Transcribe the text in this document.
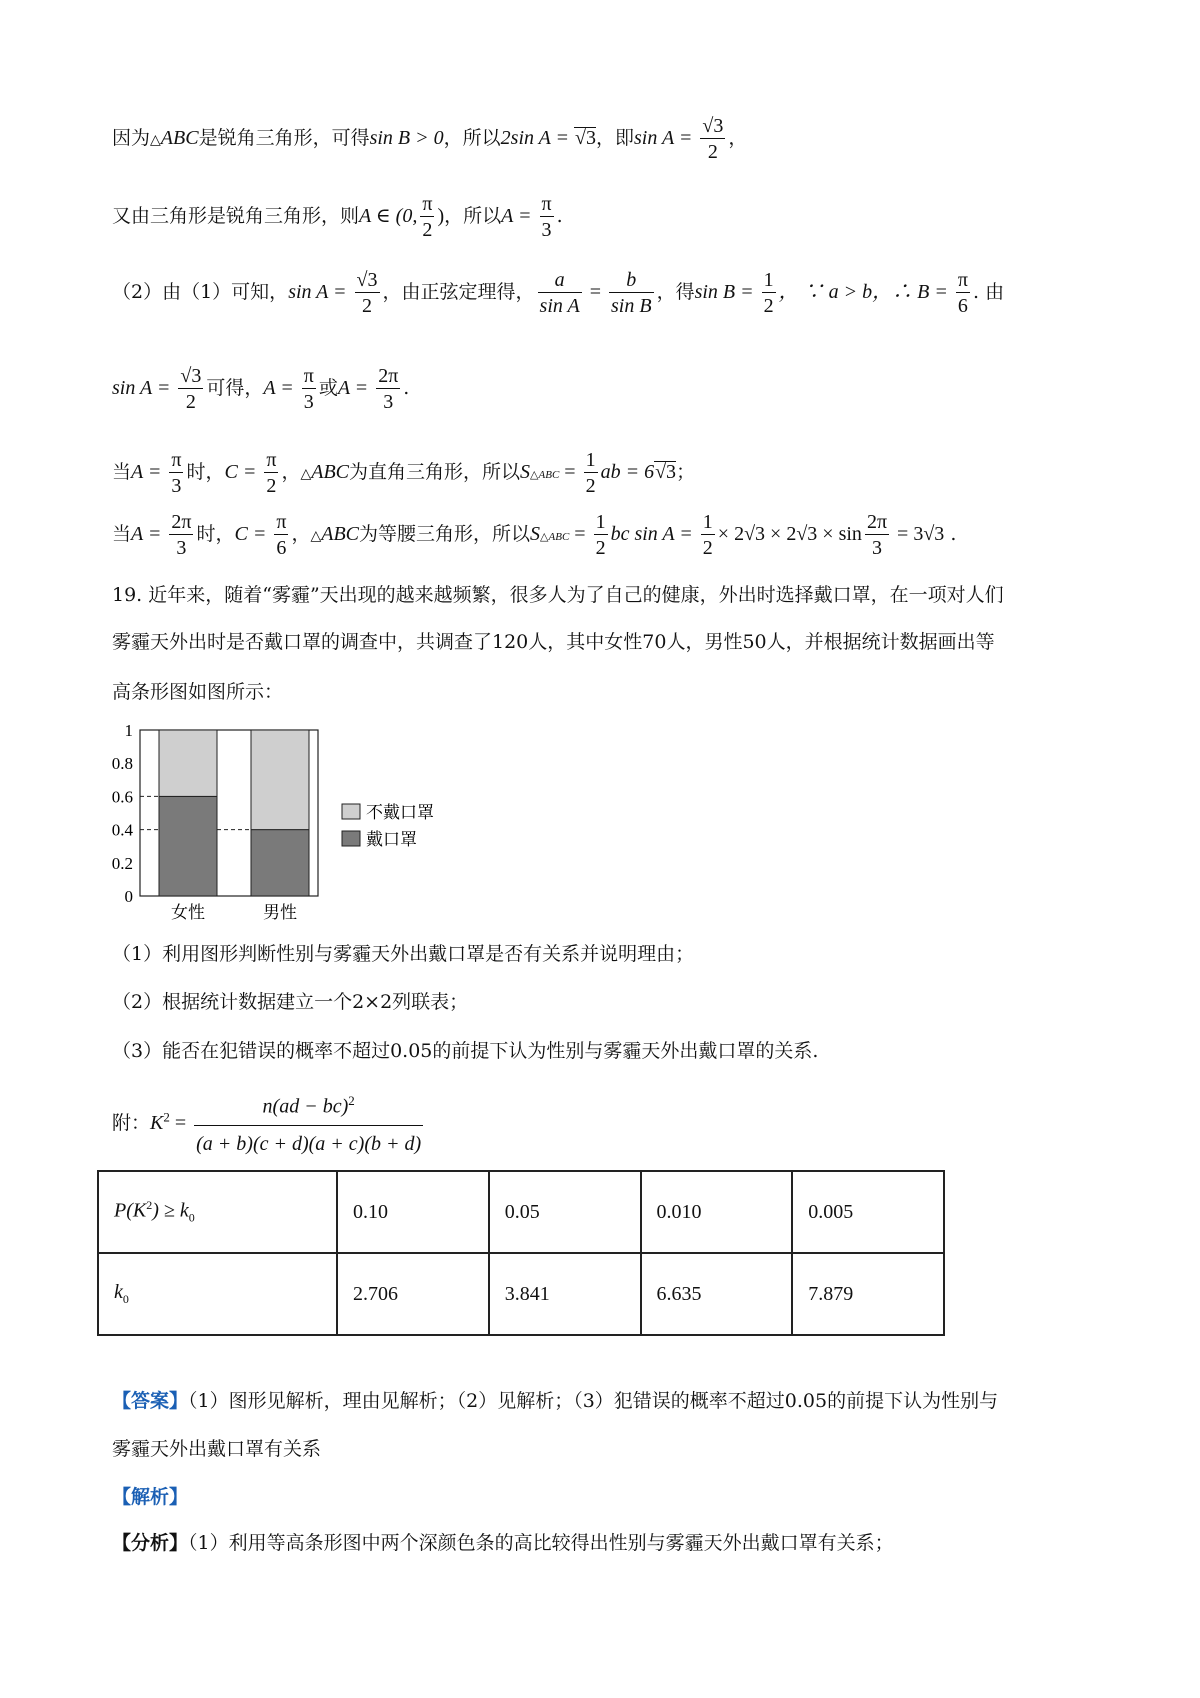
因为△ABC是锐角三角形，可得sin B > 0，所以2sin A = √3，即$\sin A = \frac{√3}{2}$ ，
又由三角形是锐角三角形，则A ∈ (0, $\frac{\pi}{2}$ )，所以$A = \frac{\pi}{3}$ .
（2）由（1）可知，$\sin A = \frac{√3}{2}$ ，由正弦定理得， $\frac{a}{\text{sin A}} = \frac{b}{\text{sin B}}$ ，得$\sin B = \frac{1}{2}$ ， ∵ a > b，∴ $B = \frac{\pi}{6}$ . 由
$\sin A = \frac{√3}{2}$ 可得，$A = \frac{\pi}{3}$ 或$A = \frac{2\pi}{3}$ .
当$A = \frac{\pi}{3}$ 时，$C = \frac{\pi}{2}$ ，△ABC为直角三角形，所以S△ABC = $\frac{1}{2}$ ab = 6√3；
当$A = \frac{2\pi}{3}$ 时，$C = \frac{\pi}{6}$ ，△ABC为等腰三角形，所以S△ABC = $\frac{1}{2}$ bc $\sin A = \frac{1}{2} \times 2√3 \times 2√3 \times \sin \frac{2\pi}{3} = 3√3$ .
19. 近年来，随着“雾霾”天出现的越来越频繁，很多人为了自己的健康，外出时选择戴口罩，在一项对人们
雾霾天外出时是否戴口罩的调查中，共调查了120人，其中女性70人，男性50人，并根据统计数据画出等
高条形图如图所示：
0
0.2
0.4
0.6
0.8
1
女性	男性
不戴口罩
戴口罩
（1）利用图形判断性别与雾霾天外出戴口罩是否有关系并说明理由；
（2）根据统计数据建立一个2×2列联表；
（3）能否在犯错误的概率不超过0.05的前提下认为性别与雾霾天外出戴口罩的关系.
附：$K^2 = \frac{n(ad - bc)^2}{(a + b)(c + d)(a + c)(b + d)}$
$P(K^2) \ge k_0$	0.10	0.05	0.010	0.005
$k_0$	2.706	3.841	6.635	7.879
【答案】（1）图形见解析，理由见解析；（2）见解析；（3）犯错误的概率不超过0.05的前提下认为性别与
雾霾天外出戴口罩有关系
【解析】
【分析】（1）利用等高条形图中两个深颜色条的高比较得出性别与雾霾天外出戴口罩有关系；
